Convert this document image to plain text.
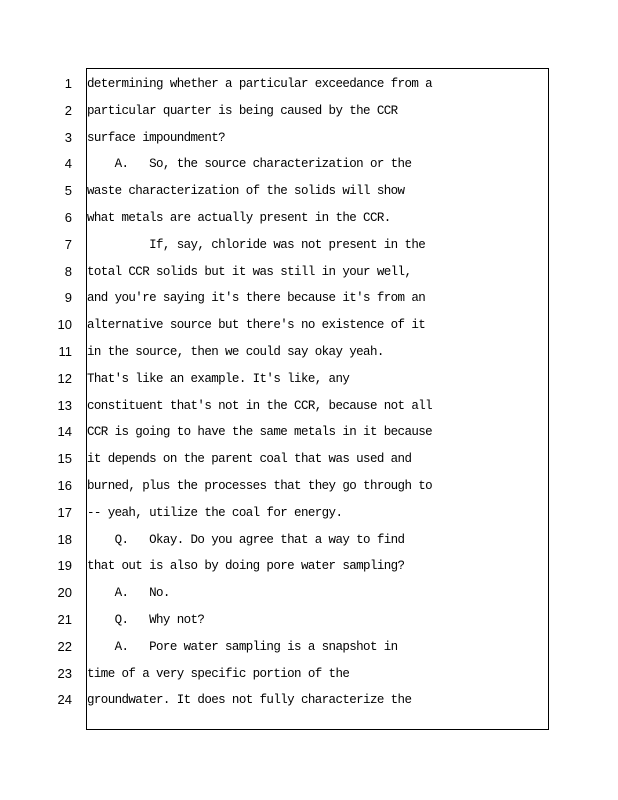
1 determining whether a particular exceedance from a
2 particular quarter is being caused by the CCR
3 surface impoundment?
4 A.   So, the source characterization or the
5 waste characterization of the solids will show
6 what metals are actually present in the CCR.
7 If, say, chloride was not present in the
8 total CCR solids but it was still in your well,
9 and you're saying it's there because it's from an
10 alternative source but there's no existence of it
11 in the source, then we could say okay yeah.
12 That's like an example. It's like, any
13 constituent that's not in the CCR, because not all
14 CCR is going to have the same metals in it because
15 it depends on the parent coal that was used and
16 burned, plus the processes that they go through to
17 -- yeah, utilize the coal for energy.
18 Q.   Okay. Do you agree that a way to find
19 that out is also by doing pore water sampling?
20 A.   No.
21 Q.   Why not?
22 A.   Pore water sampling is a snapshot in
23 time of a very specific portion of the
24 groundwater. It does not fully characterize the
